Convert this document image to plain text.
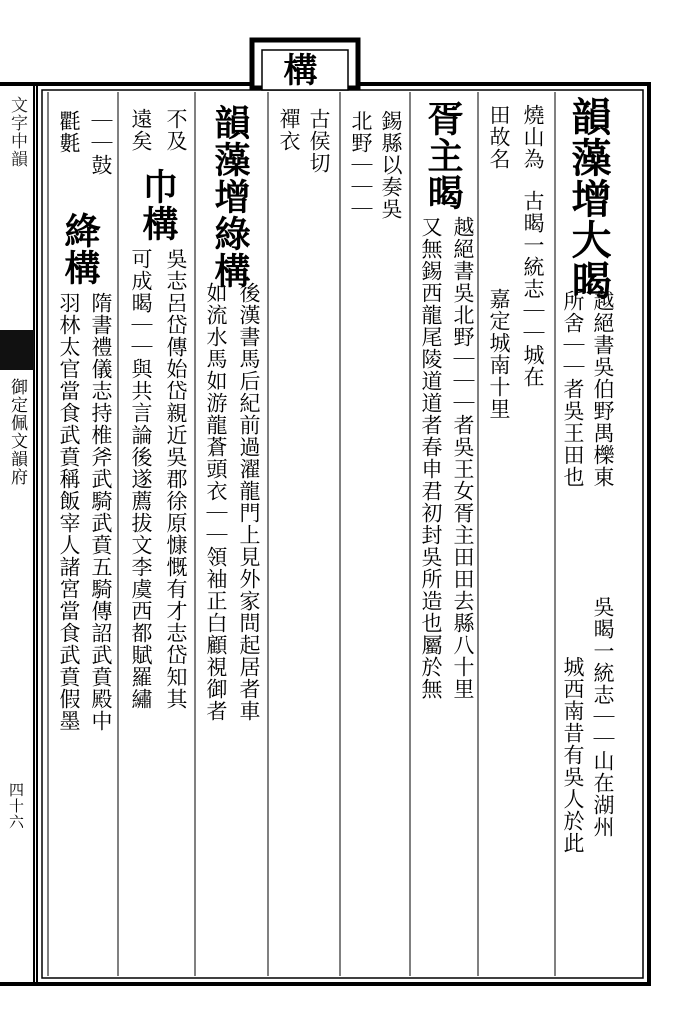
構
御定佩文韻府
四十六
文字中韻	韻藻增大暍
越絕書吳伯野禺櫟東
所舍｜｜者吳王田也
吳暍一統志｜｜山在湖州
城西南昔有吳人於此
燒山為
古暍一統志｜｜城在
田故名
嘉定城南十里
胥主暍
越絕書吳北野｜｜｜者吳王女胥主田田去縣八十里
又無錫西龍尾陵道道者春申君初封吳所造也屬於無
錫縣以奏吳
北野｜｜｜
古侯切
禪衣
韻藻增綠構
後漢書馬后紀前過濯龍門上見外家問起居者車
如流水馬如游龍蒼頭衣｜｜領袖正白顧視御者
不及
巾構
吳志呂岱傳始岱親近吳郡徐原慷慨有才志岱知其
遠矣
可成暍｜｜與共言論後遂薦拔文李虞西都賦羅繡
｜｜鼓
絳構
隋書禮儀志持椎斧武騎武賁五騎傳詔武賁殿中
氍氀
羽林太官當食武賁稱飯宰人諸宮當食武賁假墨
